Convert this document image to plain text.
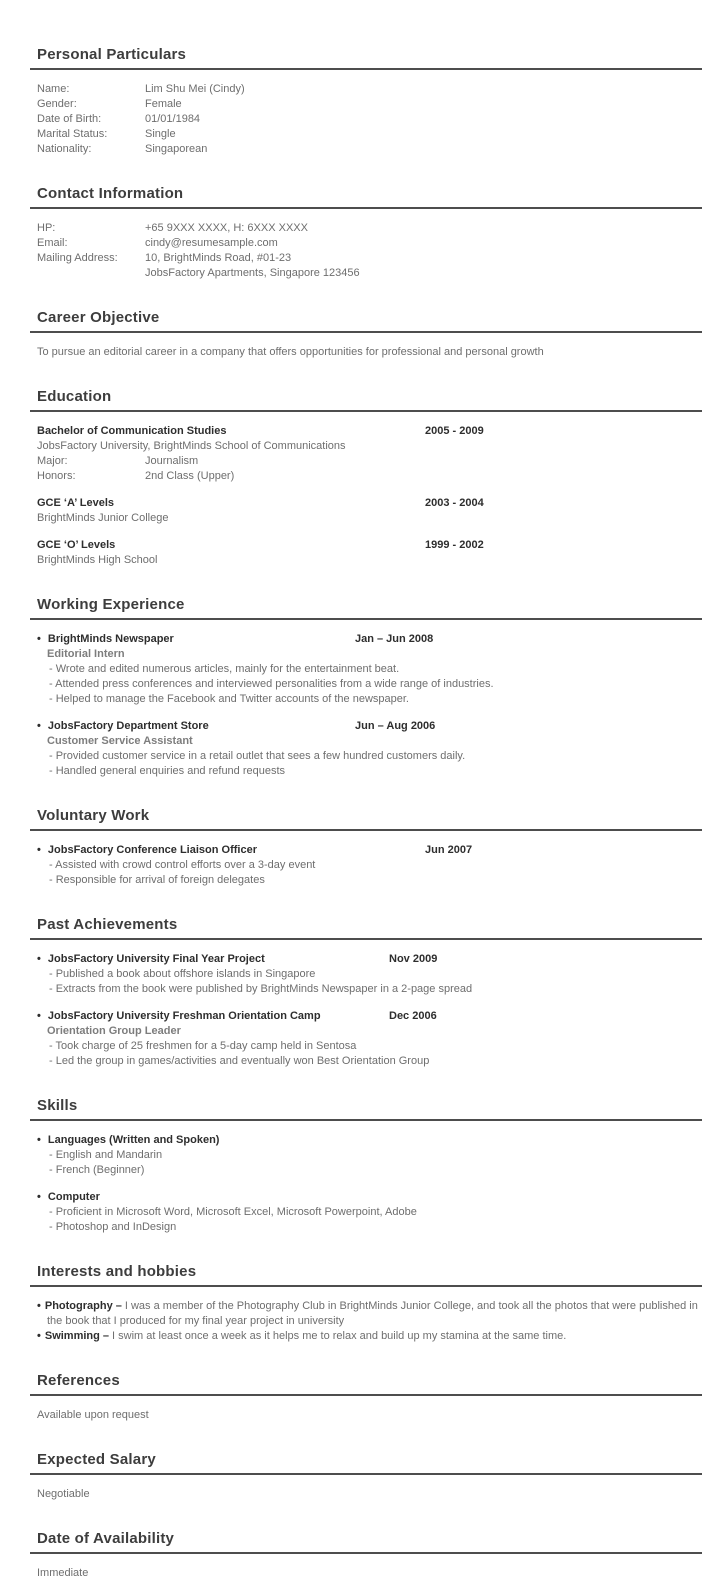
Personal Particulars
Name:	Lim Shu Mei (Cindy)
Gender:	Female
Date of Birth:	01/01/1984
Marital Status:	Single
Nationality:	Singaporean
Contact Information
HP:	+65 9XXX XXXX, H: 6XXX XXXX
Email:	cindy@resumesample.com
Mailing Address: 10, BrightMinds Road, #01-23
JobsFactory Apartments, Singapore 123456
Career Objective
To pursue an editorial career in a company that offers opportunities for professional and personal growth
Education
Bachelor of Communication Studies	2005 - 2009
JobsFactory University, BrightMinds School of Communications
Major:	Journalism
Honors:	2nd Class (Upper)
GCE ‘A’ Levels	2003 - 2004
BrightMinds Junior College
GCE ‘O’ Levels	1999 - 2002
BrightMinds High School
Working Experience
• BrightMinds Newspaper	Jan – Jun 2008
Editorial Intern
- Wrote and edited numerous articles, mainly for the entertainment beat.
- Attended press conferences and interviewed personalities from a wide range of industries.
- Helped to manage the Facebook and Twitter accounts of the newspaper.
• JobsFactory Department Store	Jun – Aug 2006
Customer Service Assistant
- Provided customer service in a retail outlet that sees a few hundred customers daily.
- Handled general enquiries and refund requests
Voluntary Work
• JobsFactory Conference Liaison Officer	Jun 2007
- Assisted with crowd control efforts over a 3-day event
- Responsible for arrival of foreign delegates
Past Achievements
• JobsFactory University Final Year Project	Nov 2009
- Published a book about offshore islands in Singapore
- Extracts from the book were published by BrightMinds Newspaper in a 2-page spread
• JobsFactory University Freshman Orientation Camp	Dec 2006
Orientation Group Leader
- Took charge of 25 freshmen for a 5-day camp held in Sentosa
- Led the group in games/activities and eventually won Best Orientation Group
Skills
• Languages (Written and Spoken)
- English and Mandarin
- French (Beginner)
• Computer
- Proficient in Microsoft Word, Microsoft Excel, Microsoft Powerpoint, Adobe
- Photoshop and InDesign
Interests and hobbies
• Photography – I was a member of the Photography Club in BrightMinds Junior College, and took all the photos that were published in the book that I produced for my final year project in university
• Swimming – I swim at least once a week as it helps me to relax and build up my stamina at the same time.
References
Available upon request
Expected Salary
Negotiable
Date of Availability
Immediate
